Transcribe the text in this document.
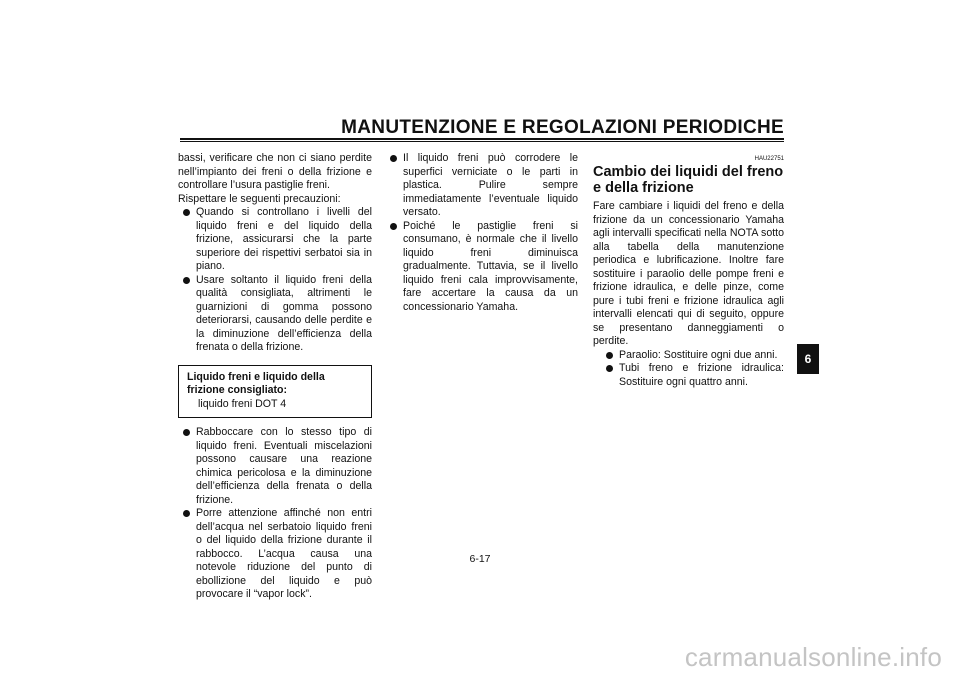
MANUTENZIONE E REGOLAZIONI PERIODICHE

bassi, verificare che non ci siano perdite nell’impianto dei freni o della frizione e controllare l’usura pastiglie freni.

Rispettare le seguenti precauzioni:

Quando si controllano i livelli del liquido freni e del liquido della frizione, assicurarsi che la parte superiore dei rispettivi serbatoi sia in piano.
Usare soltanto il liquido freni della qualità consigliata, altrimenti le guarnizioni di gomma possono deteriorarsi, causando delle perdite e la diminuzione dell’efficienza della frenata o della frizione.
Liquido freni e liquido della frizione consigliato:
liquido freni DOT 4
Rabboccare con lo stesso tipo di liquido freni. Eventuali miscelazioni possono causare una reazione chimica pericolosa e la diminuzione dell’efficienza della frenata o della frizione.
Porre attenzione affinché non entri dell’acqua nel serbatoio liquido freni o del liquido della frizione durante il rabbocco. L’acqua causa una notevole riduzione del punto di ebollizione del liquido e può provocare il “vapor lock”.
Il liquido freni può corrodere le superfici verniciate o le parti in plastica. Pulire sempre immediatamente l’eventuale liquido versato.
Poiché le pastiglie freni si consumano, è normale che il livello liquido freni diminuisca gradualmente. Tuttavia, se il livello liquido freni cala improvvisamente, fare accertare la causa da un concessionario Yamaha.
HAU22751
Cambio dei liquidi del freno e della frizione

Fare cambiare i liquidi del freno e della frizione da un concessionario Yamaha agli intervalli specificati nella NOTA sotto alla tabella della manutenzione periodica e lubrificazione. Inoltre fare sostituire i paraolio delle pompe freni e frizione idraulica, e delle pinze, come pure i tubi freni e frizione idraulica agli intervalli elencati qui di seguito, oppure se presentano danneggiamenti o perdite.

Paraolio: Sostituire ogni due anni.
Tubi freno e frizione idraulica: Sostituire ogni quattro anni.
6
6-17
carmanualsonline.info
